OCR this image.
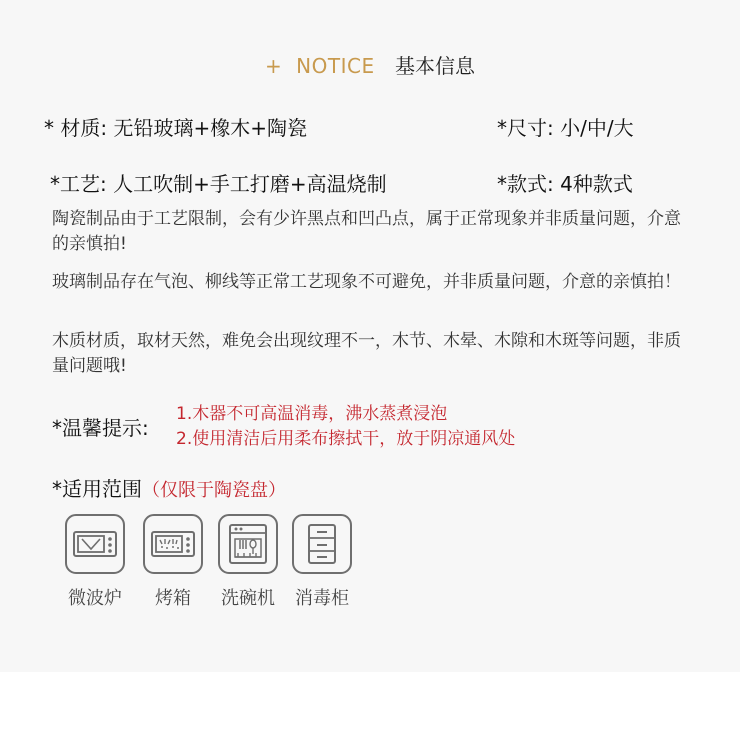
+ NOTICE 基本信息
* 材质: 无铅玻璃+橡木+陶瓷	*尺寸: 小/中/大
*工艺: 人工吹制+手工打磨+高温烧制	*款式: 4种款式

陶瓷制品由于工艺限制，会有少许黑点和凹凸点，属于正常现象并非质量问题，介意的亲慎拍!

玻璃制品存在气泡、柳线等正常工艺现象不可避免，并非质量问题，介意的亲慎拍！

木质材质，取材天然，难免会出现纹理不一，木节、木晕、木隙和木斑等问题，非质量问题哦!

*温馨提示:
1.木器不可高温消毒，沸水蒸煮浸泡
2.使用清洁后用柔布擦拭干，放于阴凉通风处
*适用范围（仅限于陶瓷盘）
微波炉	烤箱	洗碗机	消毒柜
